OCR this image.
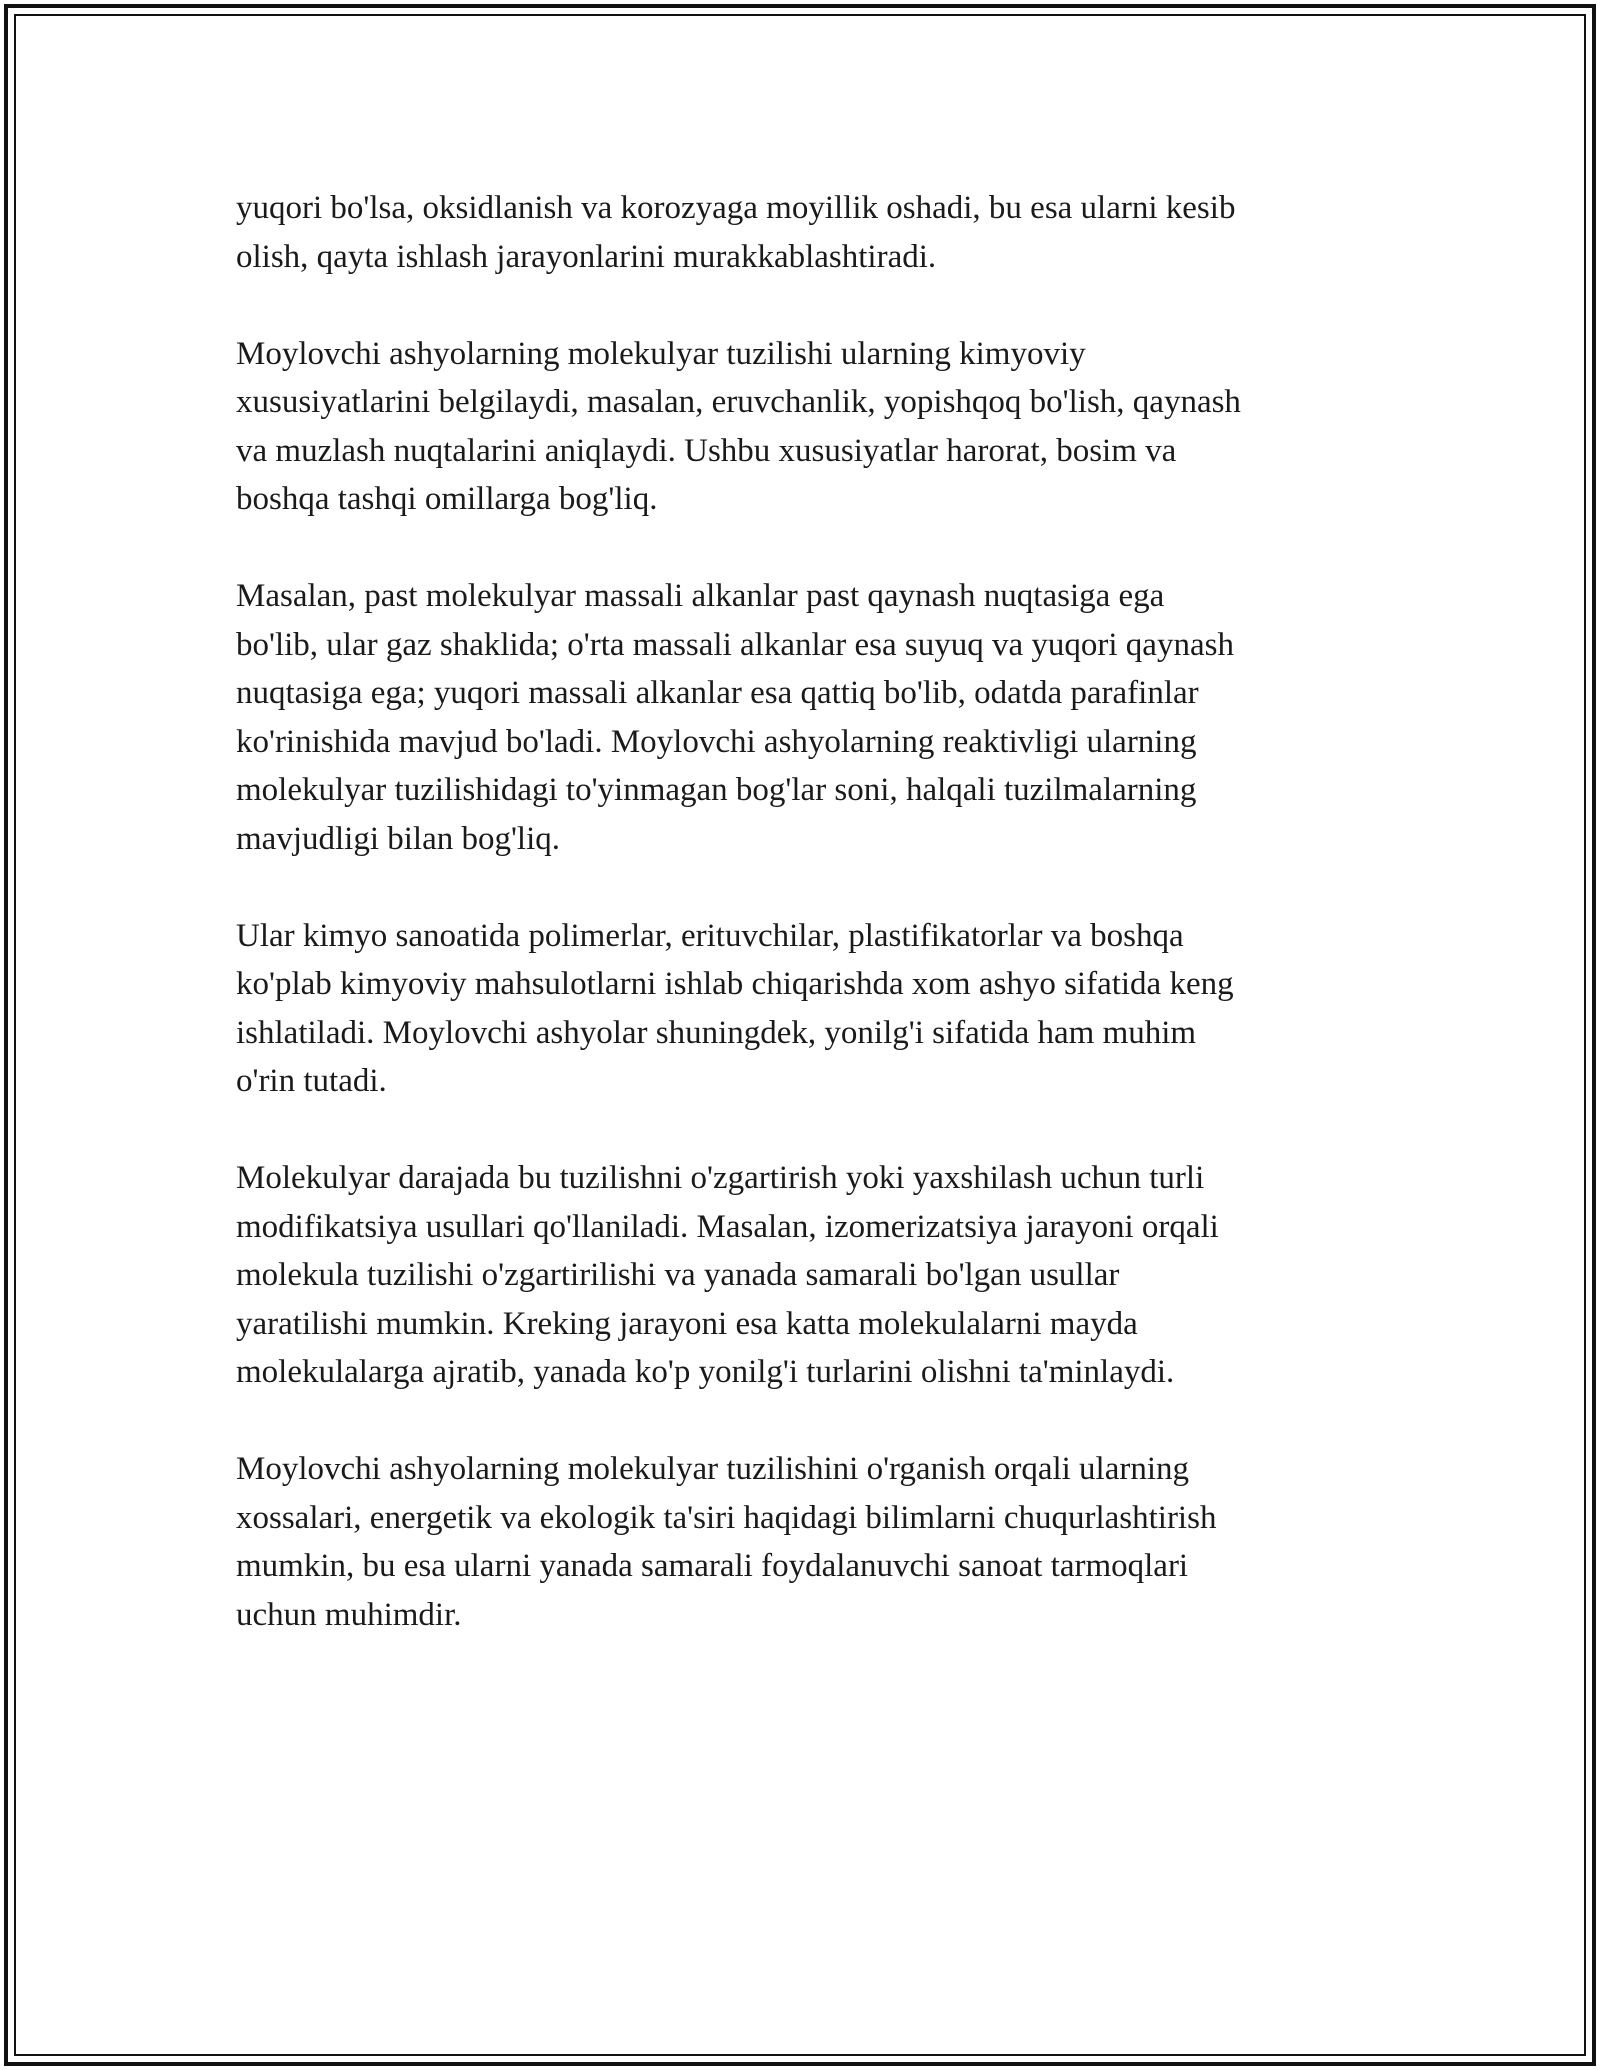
yuqori bo'lsa, oksidlanish va korozyaga moyillik oshadi, bu esa ularni kesib
olish, qayta ishlash jarayonlarini murakkablashtiradi.

Moylovchi ashyolarning molekulyar tuzilishi ularning kimyoviy
xususiyatlarini belgilaydi, masalan, eruvchanlik, yopishqoq bo'lish, qaynash
va muzlash nuqtalarini aniqlaydi. Ushbu xususiyatlar harorat, bosim va
boshqa tashqi omillarga bog'liq.

Masalan, past molekulyar massali alkanlar past qaynash nuqtasiga ega
bo'lib, ular gaz shaklida; o'rta massali alkanlar esa suyuq va yuqori qaynash
nuqtasiga ega; yuqori massali alkanlar esa qattiq bo'lib, odatda parafinlar
ko'rinishida mavjud bo'ladi. Moylovchi ashyolarning reaktivligi ularning
molekulyar tuzilishidagi to'yinmagan bog'lar soni, halqali tuzilmalarning
mavjudligi bilan bog'liq.

Ular kimyo sanoatida polimerlar, erituvchilar, plastifikatorlar va boshqa
ko'plab kimyoviy mahsulotlarni ishlab chiqarishda xom ashyo sifatida keng
ishlatiladi. Moylovchi ashyolar shuningdek, yonilg'i sifatida ham muhim
o'rin tutadi.

Molekulyar darajada bu tuzilishni o'zgartirish yoki yaxshilash uchun turli
modifikatsiya usullari qo'llaniladi. Masalan, izomerizatsiya jarayoni orqali
molekula tuzilishi o'zgartirilishi va yanada samarali bo'lgan usullar
yaratilishi mumkin. Kreking jarayoni esa katta molekulalarni mayda
molekulalarga ajratib, yanada ko'p yonilg'i turlarini olishni ta'minlaydi.

Moylovchi ashyolarning molekulyar tuzilishini o'rganish orqali ularning
xossalari, energetik va ekologik ta'siri haqidagi bilimlarni chuqurlashtirish
mumkin, bu esa ularni yanada samarali foydalanuvchi sanoat tarmoqlari
uchun muhimdir.
